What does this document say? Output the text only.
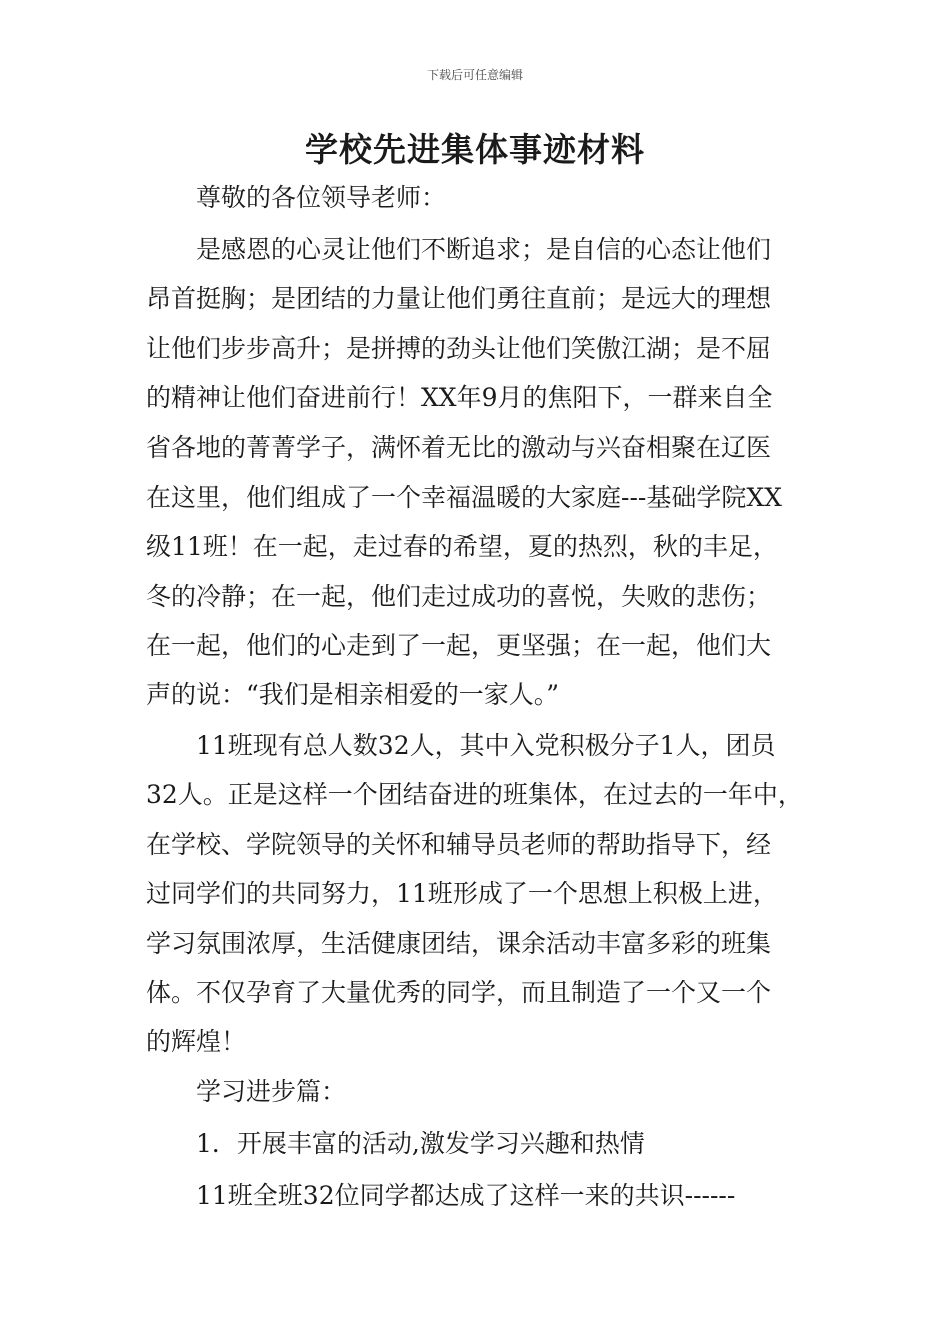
下载后可任意编辑
学校先进集体事迹材料

尊敬的各位领导老师：

是感恩的心灵让他们不断追求；是自信的心态让他们

昂首挺胸；是团结的力量让他们勇往直前；是远大的理想

让他们步步高升；是拼搏的劲头让他们笑傲江湖；是不屈

的精神让他们奋进前行！XX年9月的焦阳下，一群来自全

省各地的菁菁学子，满怀着无比的激动与兴奋相聚在辽医

在这里，他们组成了一个幸福温暖的大家庭---基础学院XX

级11班！在一起，走过春的希望，夏的热烈，秋的丰足，

冬的冷静；在一起，他们走过成功的喜悦，失败的悲伤；

在一起，他们的心走到了一起，更坚强；在一起，他们大

声的说：“我们是相亲相爱的一家人。”

11班现有总人数32人，其中入党积极分子1人，团员

32人。正是这样一个团结奋进的班集体，在过去的一年中，

在学校、学院领导的关怀和辅导员老师的帮助指导下，经

过同学们的共同努力，11班形成了一个思想上积极上进，

学习氛围浓厚，生活健康团结，课余活动丰富多彩的班集

体。不仅孕育了大量优秀的同学，而且制造了一个又一个

的辉煌！

学习进步篇：

1．开展丰富的活动,激发学习兴趣和热情

11班全班32位同学都达成了这样一来的共识------
